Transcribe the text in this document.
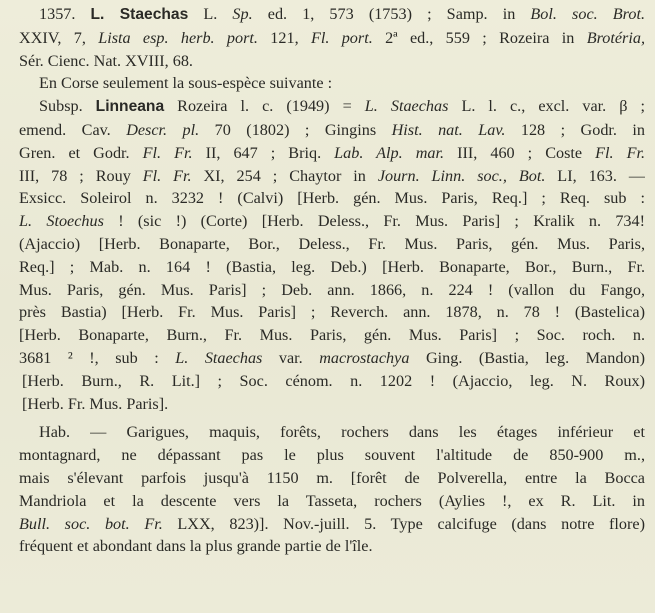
1357. L. Staechas L. Sp. ed. 1, 573 (1753) ; Samp. in Bol. soc. Brot.
XXIV, 7, Lista esp. herb. port. 121, Fl. port. 2ª ed., 559 ; Rozeira in Brotéria,
Sér. Cienc. Nat. XVIII, 68.
En Corse seulement la sous-espèce suivante :
Subsp. Linneana Rozeira l. c. (1949) = L. Staechas L. l. c., excl. var. β ;
emend. Cav. Descr. pl. 70 (1802) ; Gingins Hist. nat. Lav. 128 ; Godr. in
Gren. et Godr. Fl. Fr. II, 647 ; Briq. Lab. Alp. mar. III, 460 ; Coste Fl. Fr.
III, 78 ; Rouy Fl. Fr. XI, 254 ; Chaytor in Journ. Linn. soc., Bot. LI, 163. —
Exsicc. Soleirol n. 3232 ! (Calvi) [Herb. gén. Mus. Paris, Req.] ; Req. sub :
L. Stoechus ! (sic !) (Corte) [Herb. Deless., Fr. Mus. Paris] ; Kralik n. 734!
(Ajaccio) [Herb. Bonaparte, Bor., Deless., Fr. Mus. Paris, gén. Mus. Paris,
Req.] ; Mab. n. 164 ! (Bastia, leg. Deb.) [Herb. Bonaparte, Bor., Burn., Fr.
Mus. Paris, gén. Mus. Paris] ; Deb. ann. 1866, n. 224 ! (vallon du Fango,
près Bastia) [Herb. Fr. Mus. Paris] ; Reverch. ann. 1878, n. 78 ! (Bastelica)
[Herb. Bonaparte, Burn., Fr. Mus. Paris, gén. Mus. Paris] ; Soc. roch. n.
3681 ² !, sub : L. Staechas var. macrostachya Ging. (Bastia, leg. Mandon)
[Herb. Burn., R. Lit.] ; Soc. cénom. n. 1202 ! (Ajaccio, leg. N. Roux)
[Herb. Fr. Mus. Paris].
Hab. — Garigues, maquis, forêts, rochers dans les étages inférieur et
montagnard, ne dépassant pas le plus souvent l'altitude de 850-900 m.,
mais s'élevant parfois jusqu'à 1150 m. [forêt de Polverella, entre la Bocca
Mandriola et la descente vers la Tasseta, rochers (Aylies !, ex R. Lit. in
Bull. soc. bot. Fr. LXX, 823)]. Nov.-juill. 5. Type calcifuge (dans notre flore)
fréquent et abondant dans la plus grande partie de l'île.
